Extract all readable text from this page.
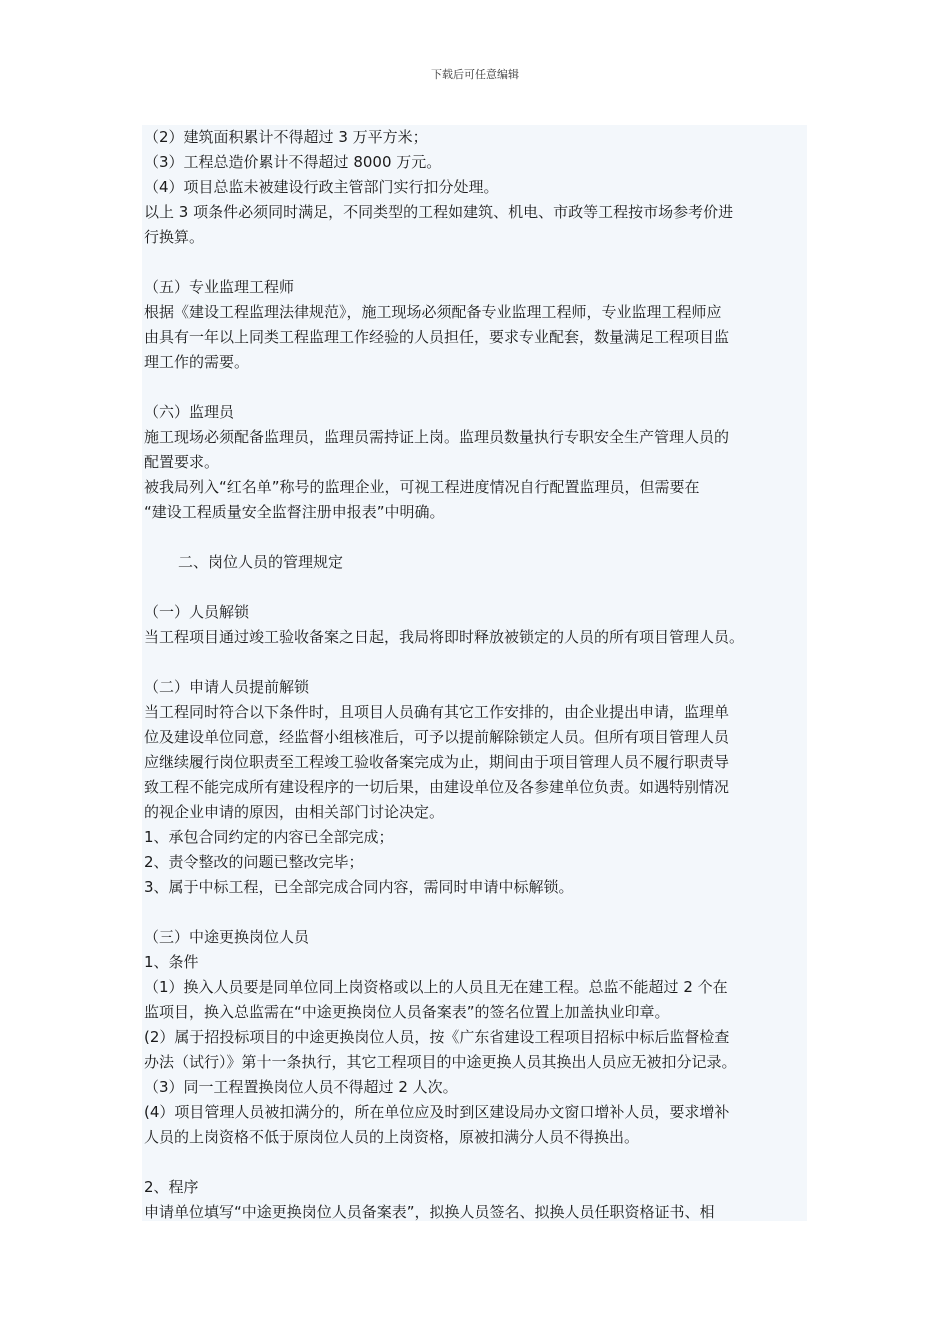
下载后可任意编辑
（2）建筑面积累计不得超过 3 万平方米；
（3）工程总造价累计不得超过 8000 万元。
（4）项目总监未被建设行政主管部门实行扣分处理。
以上 3 项条件必须同时满足，不同类型的工程如建筑、机电、市政等工程按市场参考价进
行换算。
（五）专业监理工程师
根据《建设工程监理法律规范》，施工现场必须配备专业监理工程师，专业监理工程师应
由具有一年以上同类工程监理工作经验的人员担任，要求专业配套，数量满足工程项目监
理工作的需要。
（六）监理员
施工现场必须配备监理员，监理员需持证上岗。监理员数量执行专职安全生产管理人员的
配置要求。
被我局列入“红名单”称号的监理企业，可视工程进度情况自行配置监理员，但需要在
“建设工程质量安全监督注册申报表”中明确。
二、岗位人员的管理规定
（一）人员解锁
当工程项目通过竣工验收备案之日起，我局将即时释放被锁定的人员的所有项目管理人员。
（二）申请人员提前解锁
当工程同时符合以下条件时，且项目人员确有其它工作安排的，由企业提出申请，监理单
位及建设单位同意，经监督小组核准后，可予以提前解除锁定人员。但所有项目管理人员
应继续履行岗位职责至工程竣工验收备案完成为止，期间由于项目管理人员不履行职责导
致工程不能完成所有建设程序的一切后果，由建设单位及各参建单位负责。如遇特别情况
的视企业申请的原因，由相关部门讨论决定。
1、承包合同约定的内容已全部完成；
2、责令整改的问题已整改完毕；
3、属于中标工程，已全部完成合同内容，需同时申请中标解锁。
（三）中途更换岗位人员
1、条件
（1）换入人员要是同单位同上岗资格或以上的人员且无在建工程。总监不能超过 2 个在
监项目，换入总监需在“中途更换岗位人员备案表”的签名位置上加盖执业印章。
(2）属于招投标项目的中途更换岗位人员，按《广东省建设工程项目招标中标后监督检查
办法（试行）》第十一条执行，其它工程项目的中途更换人员其换出人员应无被扣分记录。
（3）同一工程置换岗位人员不得超过 2 人次。
(4）项目管理人员被扣满分的，所在单位应及时到区建设局办文窗口增补人员，要求增补
人员的上岗资格不低于原岗位人员的上岗资格，原被扣满分人员不得换出。
2、程序
申请单位填写“中途更换岗位人员备案表”，拟换人员签名、拟换人员任职资格证书、相
